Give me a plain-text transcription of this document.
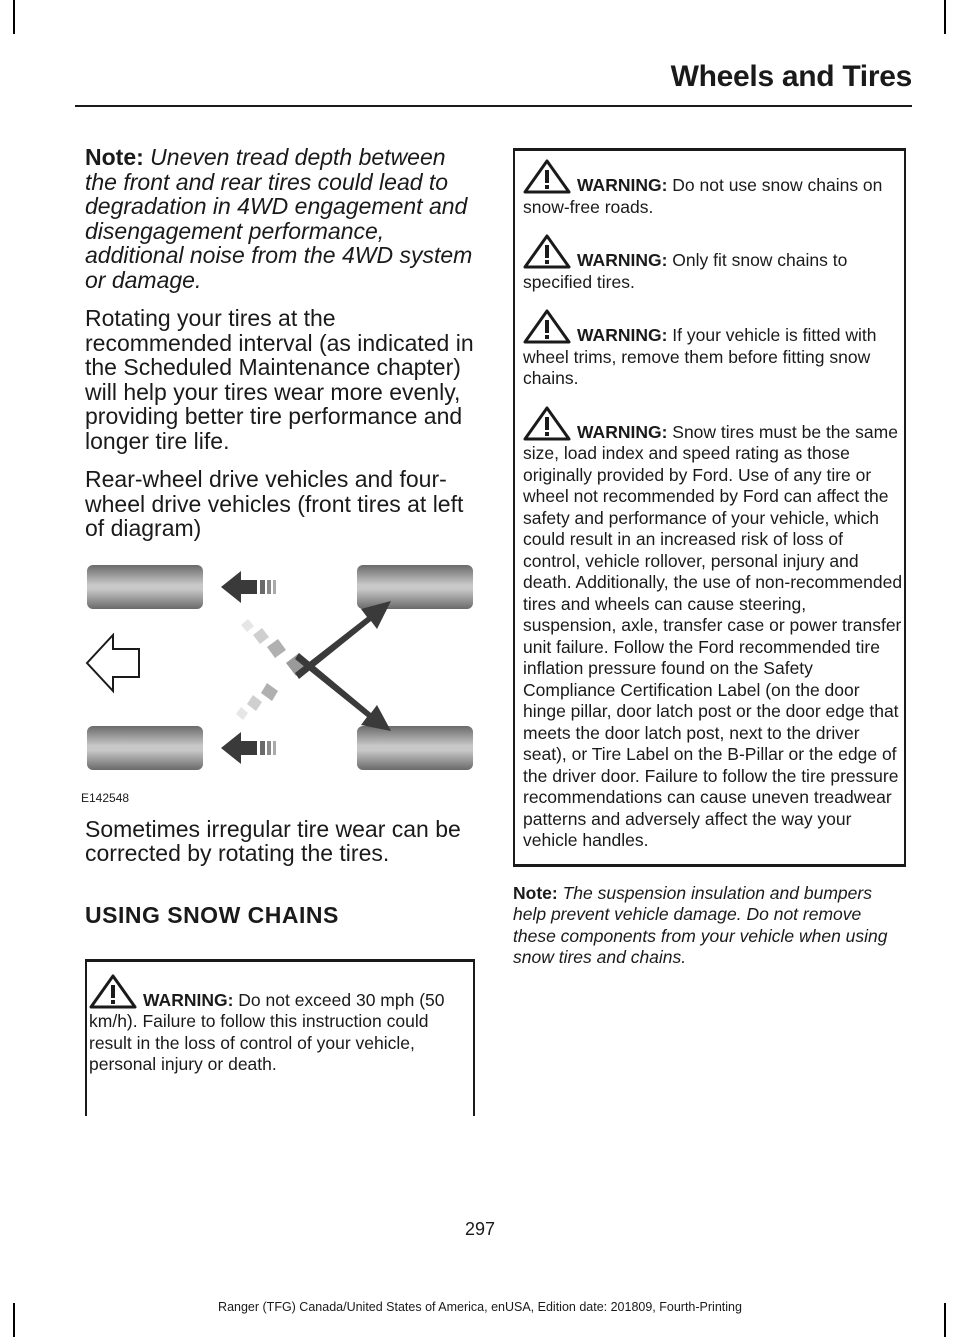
Wheels and Tires

Note: Uneven tread depth between the front and rear tires could lead to degradation in 4WD engagement and disengagement performance, additional noise from the 4WD system or damage.

Rotating your tires at the recommended interval (as indicated in the Scheduled Maintenance chapter) will help your tires wear more evenly, providing better tire performance and longer tire life.

Rear-wheel drive vehicles and four-wheel drive vehicles (front tires at left of diagram)

E142548

Sometimes irregular tire wear can be corrected by rotating the tires.

USING SNOW CHAINS

WARNING: Do not exceed 30 mph (50 km/h). Failure to follow this instruction could result in the loss of control of your vehicle, personal injury or death.

WARNING: Do not use snow chains on snow-free roads.

WARNING: Only fit snow chains to specified tires.

WARNING: If your vehicle is fitted with wheel trims, remove them before fitting snow chains.

WARNING: Snow tires must be the same size, load index and speed rating as those originally provided by Ford. Use of any tire or wheel not recommended by Ford can affect the safety and performance of your vehicle, which could result in an increased risk of loss of control, vehicle rollover, personal injury and death. Additionally, the use of non-recommended tires and wheels can cause steering, suspension, axle, transfer case or power transfer unit failure. Follow the Ford recommended tire inflation pressure found on the Safety Compliance Certification Label (on the door hinge pillar, door latch post or the door edge that meets the door latch post, next to the driver seat), or Tire Label on the B-Pillar or the edge of the driver door. Failure to follow the tire pressure recommendations can cause uneven treadwear patterns and adversely affect the way your vehicle handles.

Note: The suspension insulation and bumpers help prevent vehicle damage. Do not remove these components from your vehicle when using snow tires and chains.

297
Ranger (TFG) Canada/United States of America, enUSA, Edition date: 201809, Fourth-Printing
